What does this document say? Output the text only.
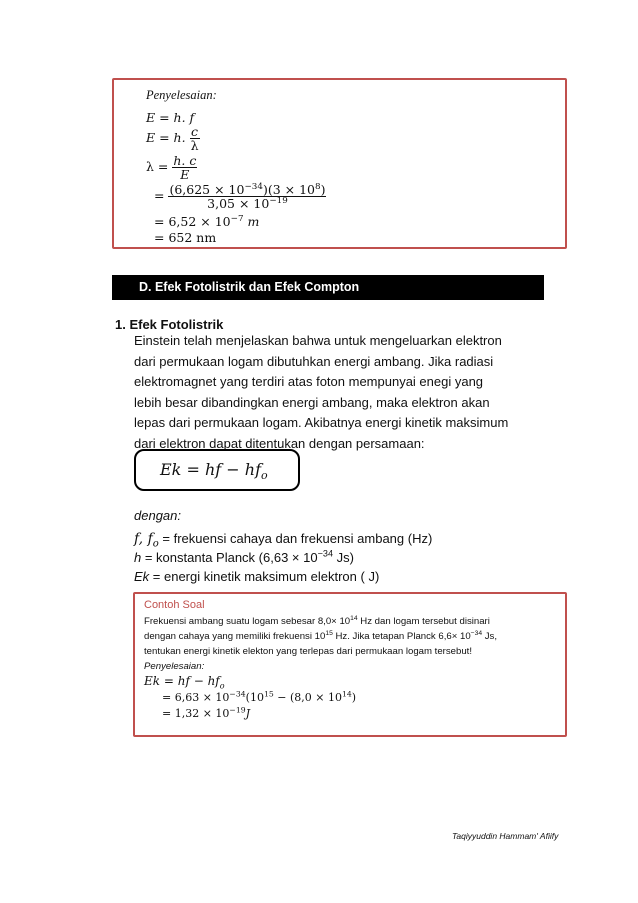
Penyelesaian:
E = h. f
E = h. $\frac{c}{\lambda}$
$\lambda = \frac{h. c}{E}$
= $\frac{(6,625 \times 10^{-34})(3 \times 10^8)}{3,05 \times 10^{-19}}$
= $6,52 \times 10^{-7}$ m
= 652 nm
D. Efek Fotolistrik dan Efek Compton
1. Efek Fotolistrik
Einstein telah menjelaskan bahwa untuk mengeluarkan elektron
dari permukaan logam dibutuhkan energi ambang. Jika radiasi
elektromagnet yang terdiri atas foton mempunyai enegi yang
lebih besar dibandingkan energi ambang, maka elektron akan
lepas dari permukaan logam. Akibatnya energi kinetik maksimum
dari elektron dapat ditentukan dengan persamaan:
Ek = hf − $hf_o$
dengan:
f, $f_o$ = frekuensi cahaya dan frekuensi ambang (Hz)
h = konstanta Planck ($6,63 \times 10^{-34}$ Js)
Ek = energi kinetik maksimum elektron ( J)
Contoh Soal
Frekuensi ambang suatu logam sebesar $8,0\times 10^{14}$ Hz dan logam tersebut disinari
dengan cahaya yang memiliki frekuensi $10^{15}$ Hz. Jika tetapan Planck $6,6\times 10^{-34}$ Js,
tentukan energi kinetik elekton yang terlepas dari permukaan logam tersebut!
Penyelesaian:
Ek = hf − $hf_o$
= $6,63 \times 10^{-34}(10^{15} - (8,0 \times 10^{14})$
= $1,32 \times 10^{-19}J$
Taqiyyuddin Hammam' Afiify
